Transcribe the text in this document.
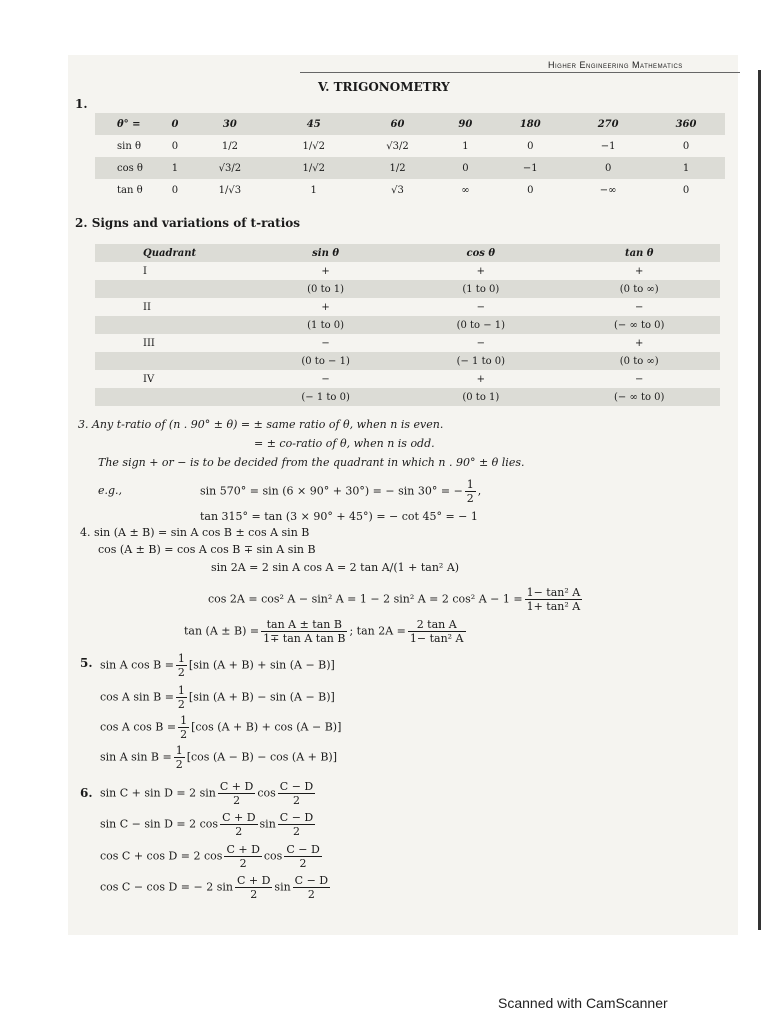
Higher Engineering Mathematics
V. TRIGONOMETRY
1.
θ° =	0	30	45	60	90	180	270	360
sin θ	0	1/2	1/√2	√3/2	1	0	−1	0
cos θ	1	√3/2	1/√2	1/2	0	−1	0	1
tan θ	0	1/√3	1	√3	∞	0	−∞	0
2. Signs and variations of t-ratios
Quadrant	sin θ	cos θ	tan θ
I	+	+	+
	(0 to 1)	(1 to 0)	(0 to ∞)
II	+	−	−
	(1 to 0)	(0 to − 1)	(− ∞ to 0)
III	−	−	+
	(0 to − 1)	(− 1 to 0)	(0 to ∞)
IV	−	+	−
	(− 1 to 0)	(0 to 1)	(− ∞ to 0)
3. Any t-ratio of (n . 90° ± θ) = ± same ratio of θ, when n is even.
= ± co-ratio of θ, when n is odd.
The sign + or − is to be decided from the quadrant in which n . 90° ± θ lies.
e.g.,	sin 570° = sin (6 × 90° + 30°) = − sin 30° = − $\frac{1}{2}$ ,
tan 315° = tan (3 × 90° + 45°) = − cot 45° = − 1
4. sin (A ± B) = sin A cos B ± cos A sin B
cos (A ± B) = cos A cos B ∓ sin A sin B
sin 2A = 2 sin A cos A = 2 tan A/(1 + tan² A)
cos 2A = cos² A − sin² A = 1 − 2 sin² A = 2 cos² $A - 1 = \frac{\text{1− tan² A}}{\text{1+ tan² A}}$
$\tan (A \pm B) = \frac{\text{tan A ± tan B}}{\text{1∓ tan A tan B}}$ ; $\tan 2A = \frac{\text{2 tan A}}{\text{1− tan² A}}$
5. sin A $\cos B = \frac{1}{2} [\sin$ (A + B) + sin (A − B)]
cos A $\sin B = \frac{1}{2} [\sin$ (A + B) − sin (A − B)]
cos A $\cos B = \frac{1}{2} [\cos$ (A + B) + cos (A − B)]
sin A $\sin B = \frac{1}{2} [\cos$ (A − B) − cos (A + B)]
6. sin C + sin D = 2 $\sin \frac{C + D}{2}$ $\cos \frac{C - D}{2}$
sin C − sin D = 2 $\cos \frac{C + D}{2}$ $\sin \frac{C - D}{2}$
cos C + cos D = 2 $\cos \frac{C + D}{2}$ $\cos \frac{C - D}{2}$
cos C − cos D = − 2 $\sin \frac{C + D}{2}$ $\sin \frac{C - D}{2}$
Scanned with CamScanner
